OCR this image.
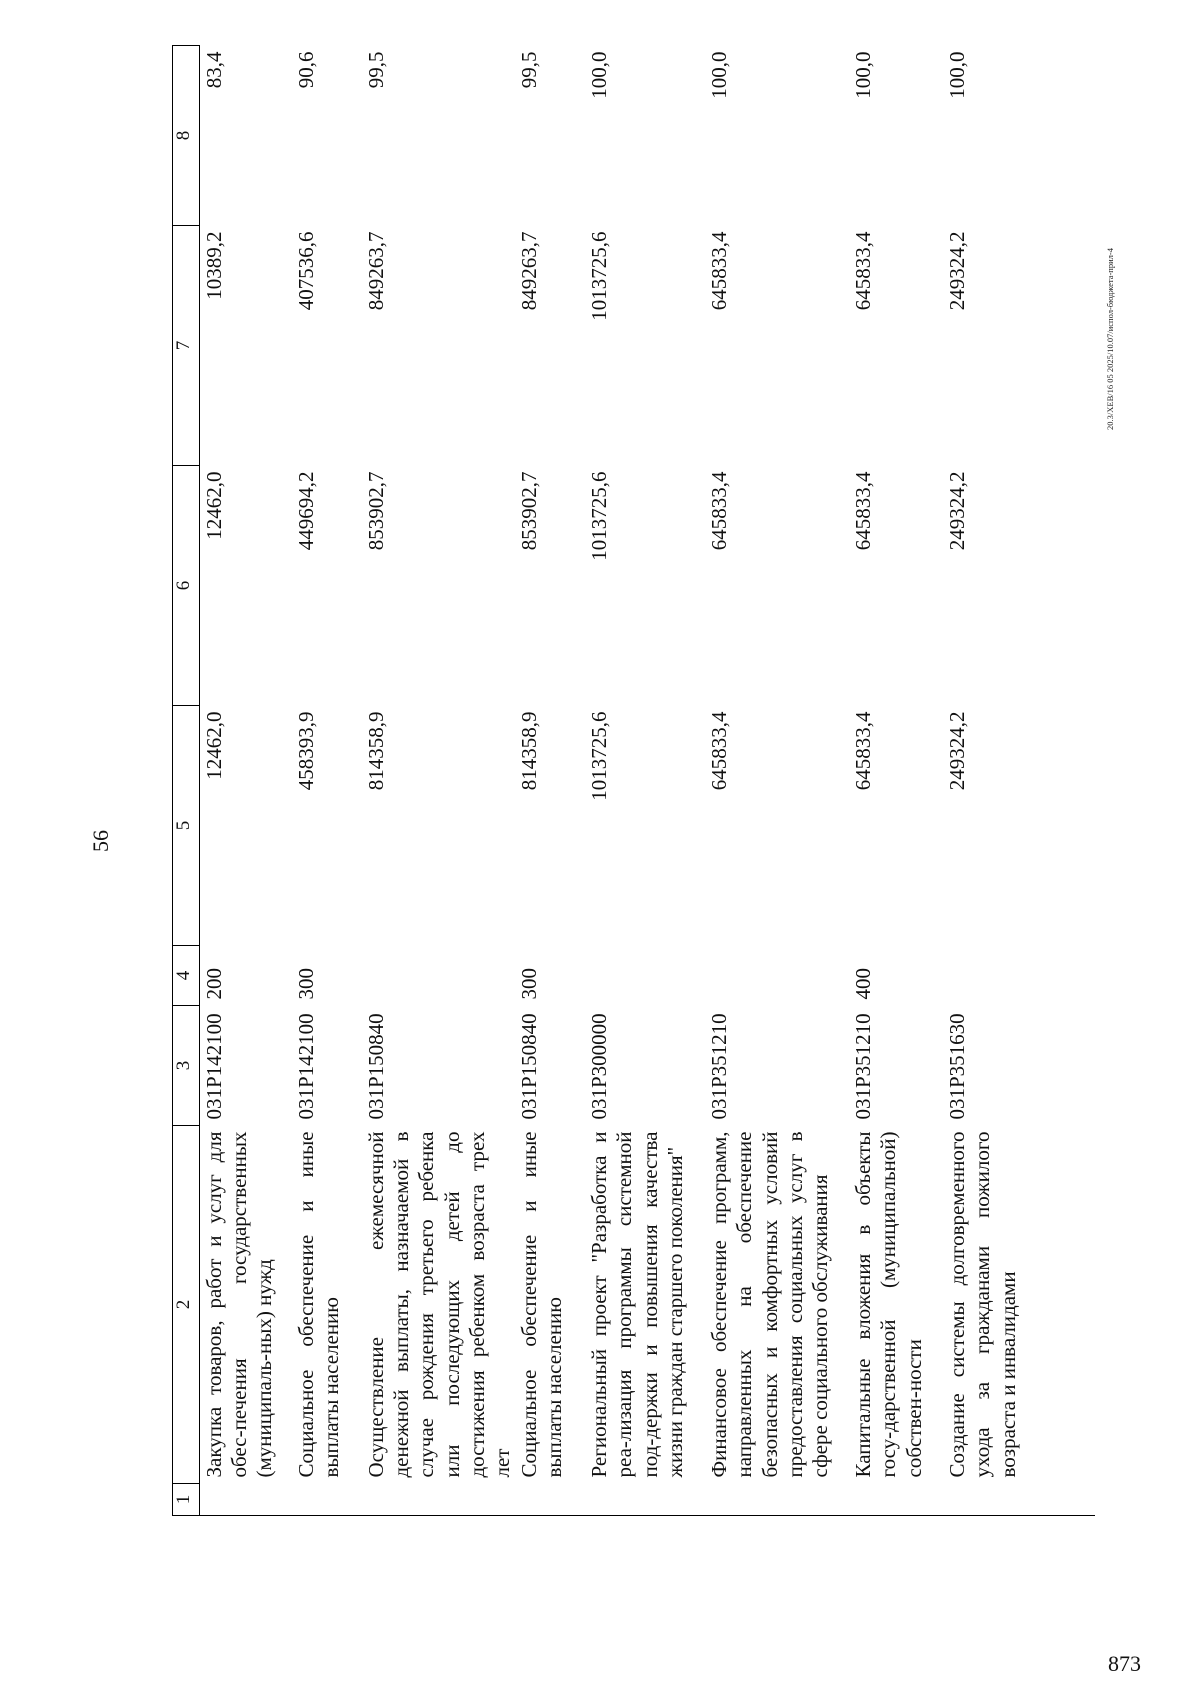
56
20.3/ХЕВ/16 05 2025/10.07/испол-бюджета-прил-4
873
1	2	3	4	5	6	7	8
	Закупка товаров, работ и услуг для обес-печения государственных (муниципаль-ных) нужд	031Р142100	200	12462,0	12462,0	10389,2	83,4
	Социальное обеспечение и иные выплаты населению	031Р142100	300	458393,9	449694,2	407536,6	90,6
	Осуществление ежемесячной денежной выплаты, назначаемой в случае рождения третьего ребенка или последующих детей до достижения ребенком возраста трех лет	031Р150840		814358,9	853902,7	849263,7	99,5
	Социальное обеспечение и иные выплаты населению	031Р150840	300	814358,9	853902,7	849263,7	99,5
	Региональный проект "Разработка и реа-лизация программы системной под-держки и повышения качества жизни граждан старшего поколения"	031Р300000		1013725,6	1013725,6	1013725,6	100,0
	Финансовое обеспечение программ, направленных на обеспечение безопасных и комфортных условий предоставления социальных услуг в сфере социального обслуживания	031Р351210		645833,4	645833,4	645833,4	100,0
	Капитальные вложения в объекты госу-дарственной (муниципальной) собствен-ности	031Р351210	400	645833,4	645833,4	645833,4	100,0
	Создание системы долговременного ухода за гражданами пожилого возраста и инвалидами	031Р351630		249324,2	249324,2	249324,2	100,0
